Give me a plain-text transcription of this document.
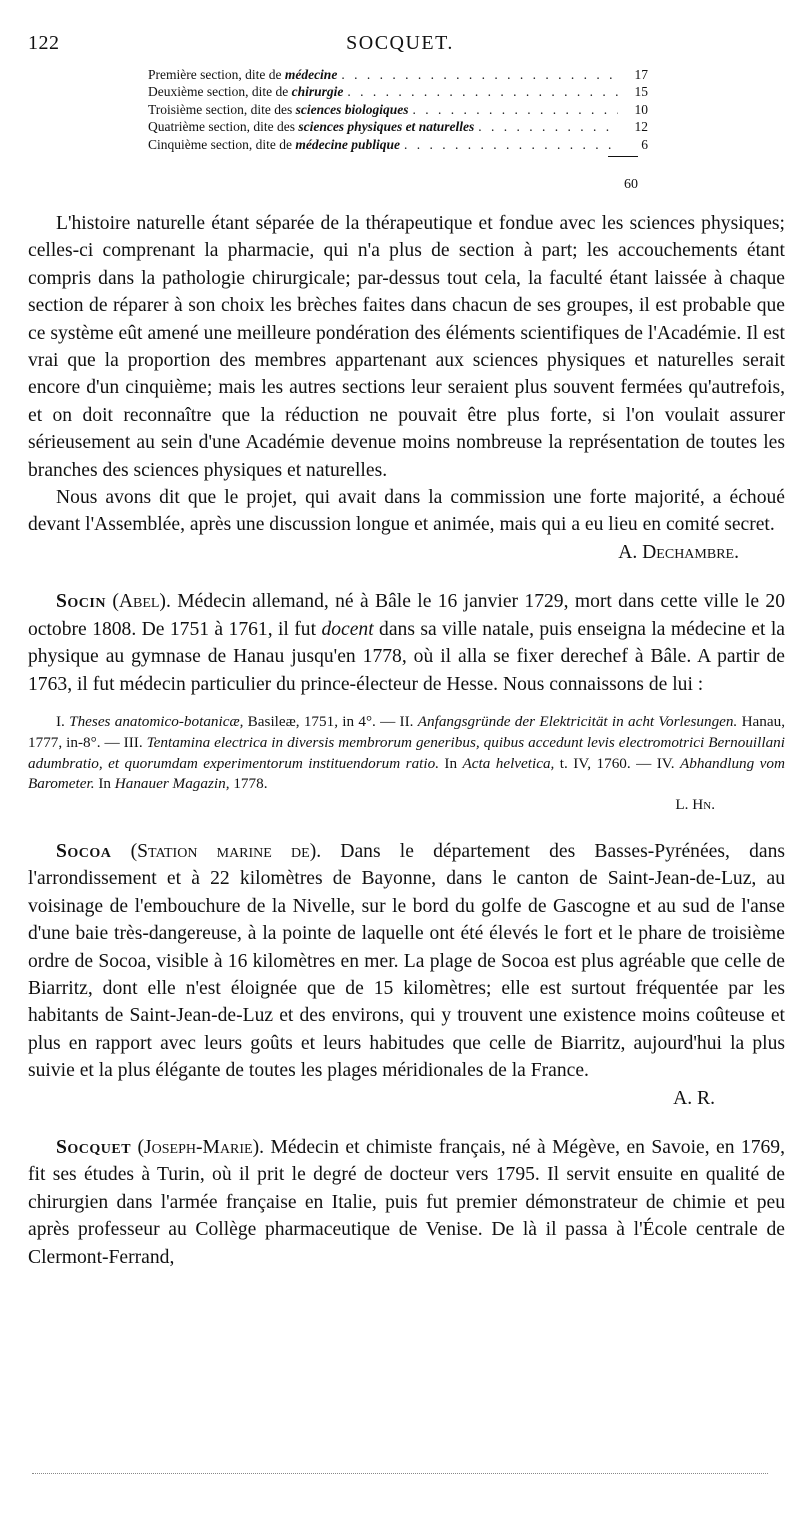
122	SOCQUET.
Première section, dite de médecine . . .	17
Deuxième section, dite de chirurgie . . .	15
Troisième section, dite des sciences biologiques . . .	10
Quatrième section, dite des sciences physiques et naturelles . . .	12
Cinquième section, dite de médecine publique . . .	6
60

L'histoire naturelle étant séparée de la thérapeutique et fondue avec les sciences physiques; celles-ci comprenant la pharmacie, qui n'a plus de section à part; les accouchements étant compris dans la pathologie chirurgicale; par-dessus tout cela, la faculté étant laissée à chaque section de réparer à son choix les brèches faites dans chacun de ses groupes, il est probable que ce système eût amené une meilleure pondération des éléments scientifiques de l'Académie. Il est vrai que la proportion des membres appartenant aux sciences physiques et naturelles serait encore d'un cinquième; mais les autres sections leur seraient plus souvent fermées qu'autrefois, et on doit reconnaître que la réduction ne pouvait être plus forte, si l'on voulait assurer sérieusement au sein d'une Académie devenue moins nombreuse la représentation de toutes les branches des sciences physiques et naturelles.

Nous avons dit que le projet, qui avait dans la commission une forte majorité, a échoué devant l'Assemblée, après une discussion longue et animée, mais qui a eu lieu en comité secret.

A. Dechambre.

Socin (Abel). Médecin allemand, né à Bâle le 16 janvier 1729, mort dans cette ville le 20 octobre 1808. De 1751 à 1761, il fut docent dans sa ville natale, puis enseigna la médecine et la physique au gymnase de Hanau jusqu'en 1778, où il alla se fixer derechef à Bâle. A partir de 1763, il fut médecin particulier du prince-électeur de Hesse. Nous connaissons de lui :

I. Theses anatomico-botanicæ, Basileæ, 1751, in 4°. — II. Anfangsgründe der Elektricität in acht Vorlesungen. Hanau, 1777, in-8°. — III. Tentamina electrica in diversis membrorum generibus, quibus accedunt levis electromotrici Bernouillani adumbratio, et quorumdam experimentorum instituendorum ratio. In Acta helvetica, t. IV, 1760. — IV. Abhandlung vom Barometer. In Hanauer Magazin, 1778.

L. Hn.

Socoa (Station marine de). Dans le département des Basses-Pyrénées, dans l'arrondissement et à 22 kilomètres de Bayonne, dans le canton de Saint-Jean-de-Luz, au voisinage de l'embouchure de la Nivelle, sur le bord du golfe de Gascogne et au sud de l'anse d'une baie très-dangereuse, à la pointe de laquelle ont été élevés le fort et le phare de troisième ordre de Socoa, visible à 16 kilomètres en mer. La plage de Socoa est plus agréable que celle de Biarritz, dont elle n'est éloignée que de 15 kilomètres; elle est surtout fréquentée par les habitants de Saint-Jean-de-Luz et des environs, qui y trouvent une existence moins coûteuse et plus en rapport avec leurs goûts et leurs habitudes que celle de Biarritz, aujourd'hui la plus suivie et la plus élégante de toutes les plages méridionales de la France.

A. R.

Socquet (Joseph-Marie). Médecin et chimiste français, né à Mégève, en Savoie, en 1769, fit ses études à Turin, où il prit le degré de docteur vers 1795. Il servit ensuite en qualité de chirurgien dans l'armée française en Italie, puis fut premier démonstrateur de chimie et peu après professeur au Collège pharmaceutique de Venise. De là il passa à l'École centrale de Clermont-Ferrand,
